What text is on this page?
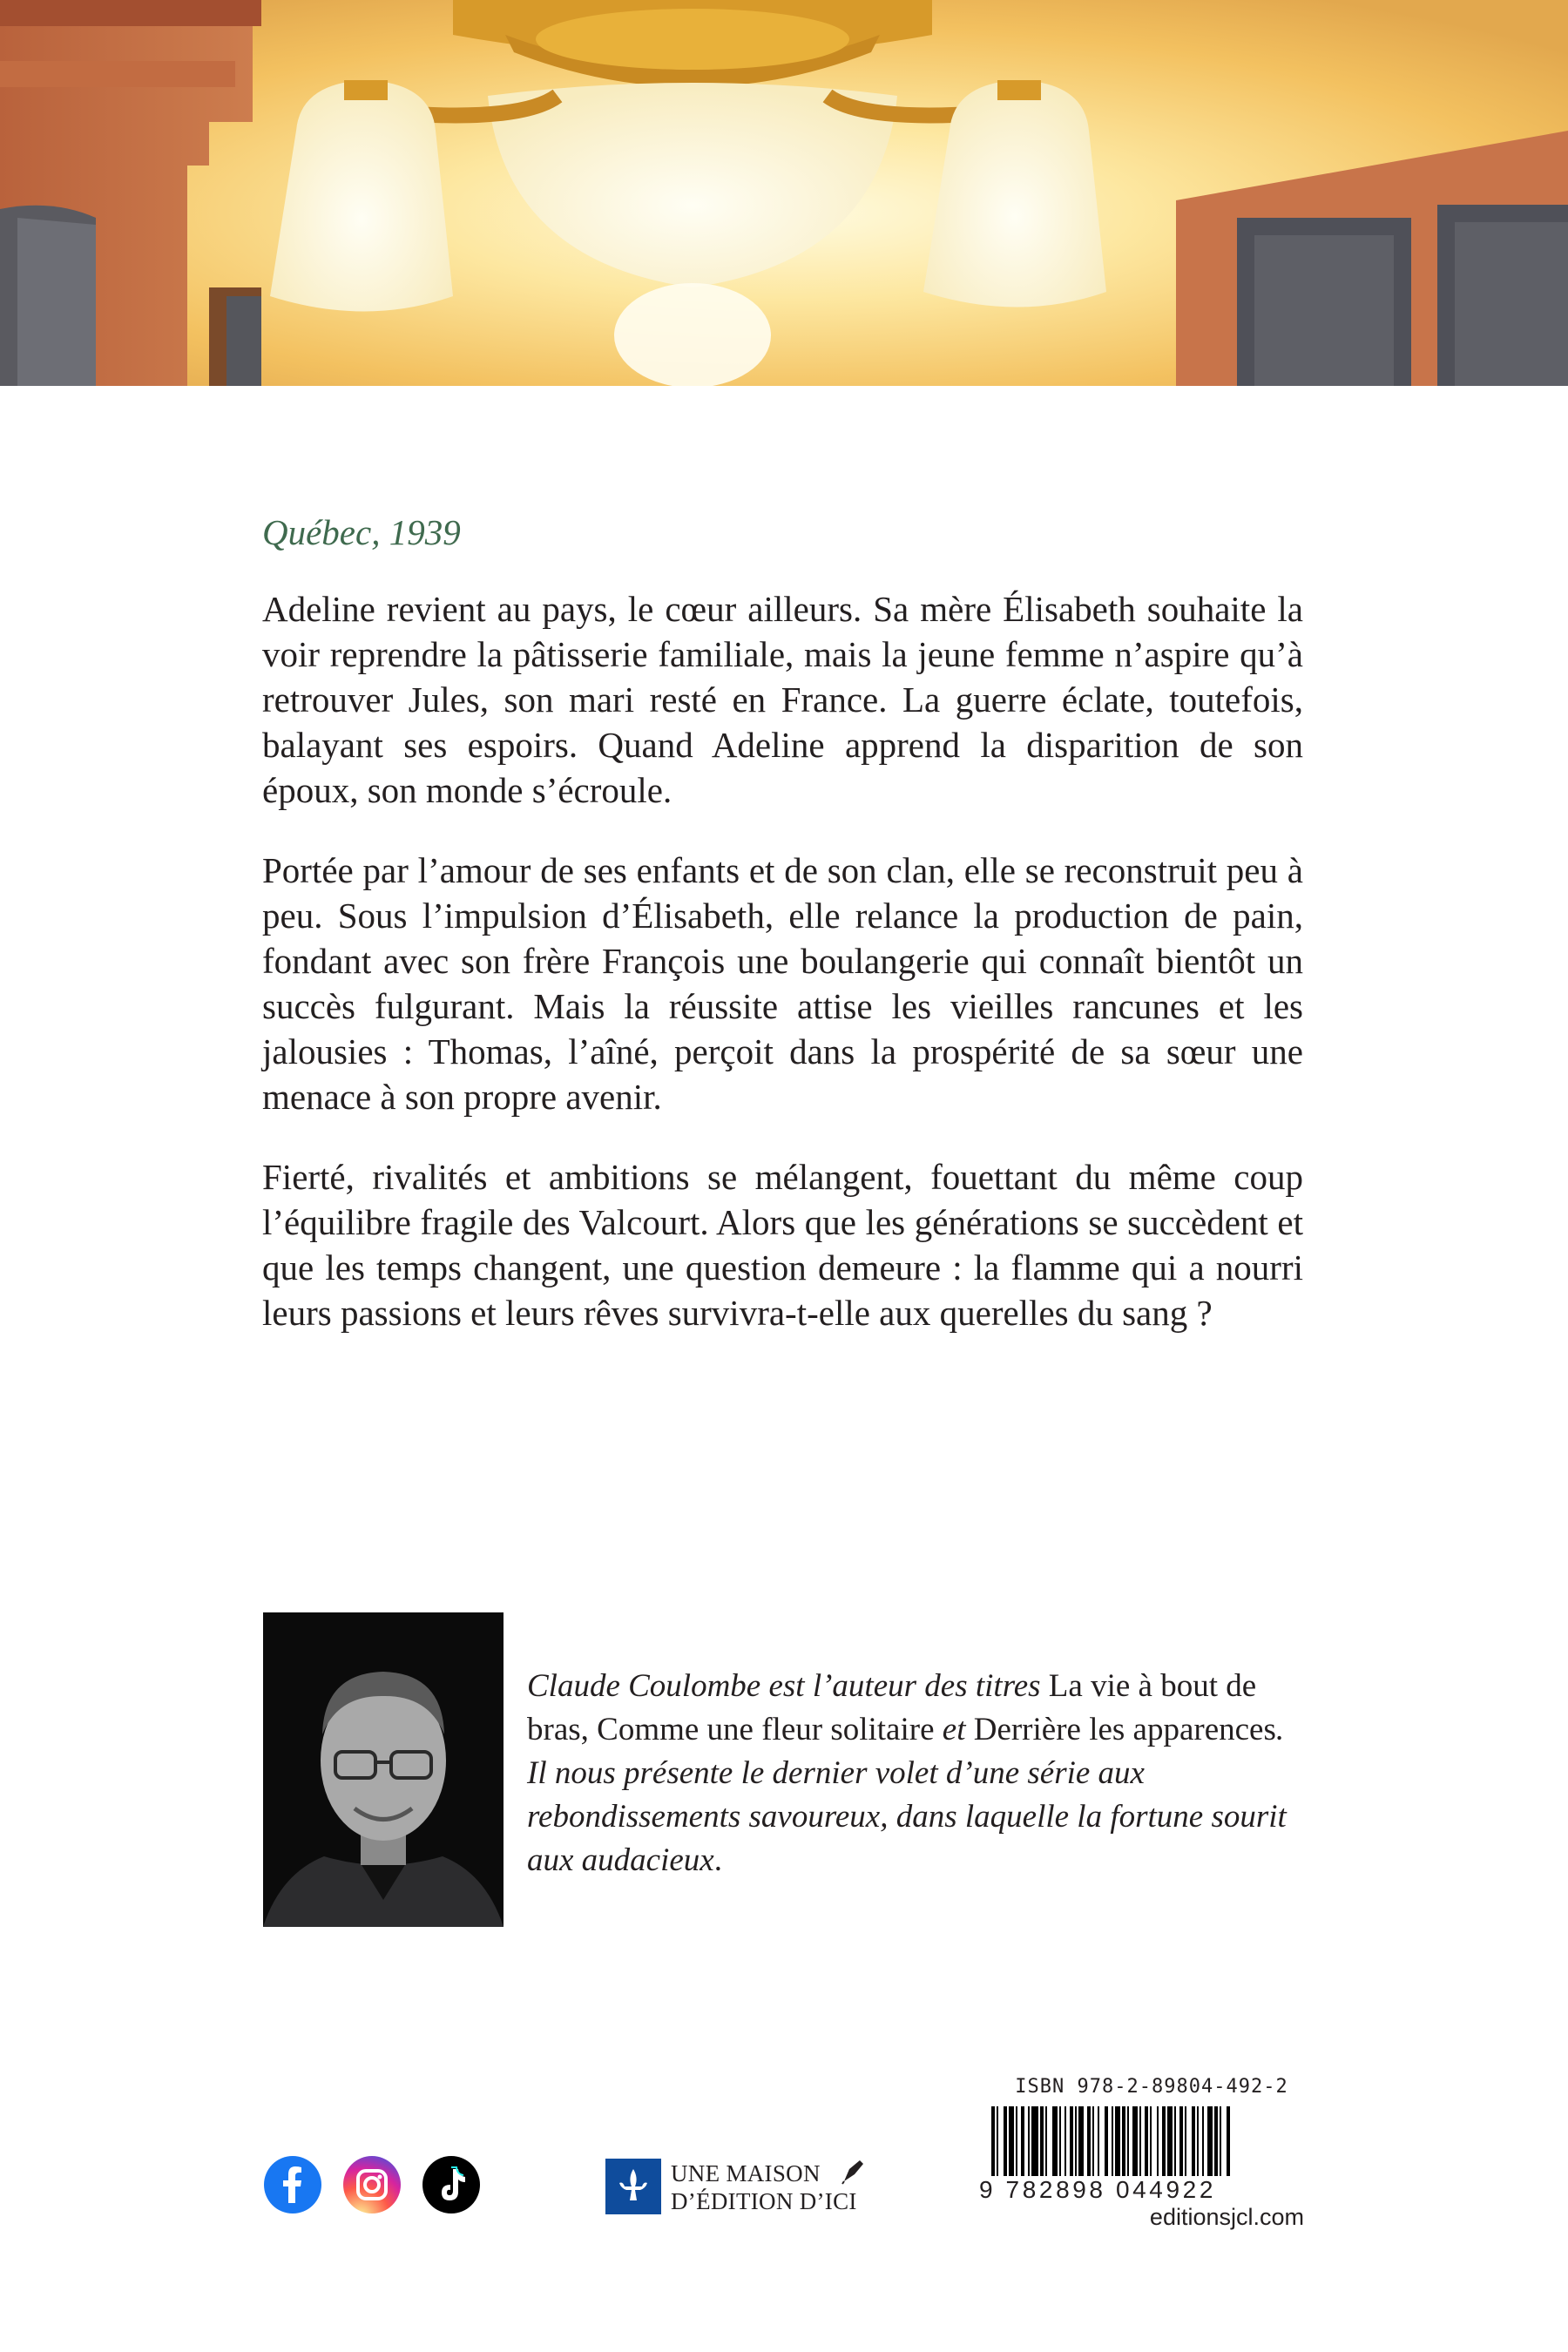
Québec, 1939

Adeline revient au pays, le cœur ailleurs. Sa mère Élisabeth souhaite la voir reprendre la pâtisserie familiale, mais la jeune femme n’aspire qu’à retrouver Jules, son mari resté en France. La guerre éclate, toutefois, balayant ses espoirs. Quand Adeline apprend la disparition de son époux, son monde s’écroule.

Portée par l’amour de ses enfants et de son clan, elle se reconstruit peu à peu. Sous l’impulsion d’Élisabeth, elle relance la production de pain, fondant avec son frère François une boulangerie qui connaît bientôt un succès fulgurant. Mais la réussite attise les vieilles rancunes et les jalousies : Thomas, l’aîné, perçoit dans la prospérité de sa sœur une menace à son propre avenir.

Fierté, rivalités et ambitions se mélangent, fouettant du même coup l’équilibre fragile des Valcourt. Alors que les générations se succèdent et que les temps changent, une question demeure : la flamme qui a nourri leurs passions et leurs rêves survivra-t-elle aux querelles du sang ?

Claude Coulombe est l’auteur des titres La vie à bout de bras, Comme une fleur solitaire et Derrière les apparences. Il nous présente le dernier volet d’une série aux rebondissements savoureux, dans laquelle la fortune sourit aux audacieux.

UNE MAISON
D’ÉDITION D’ICI
ISBN 978-2-89804-492-2
9 782898 044922
editionsjcl.com
